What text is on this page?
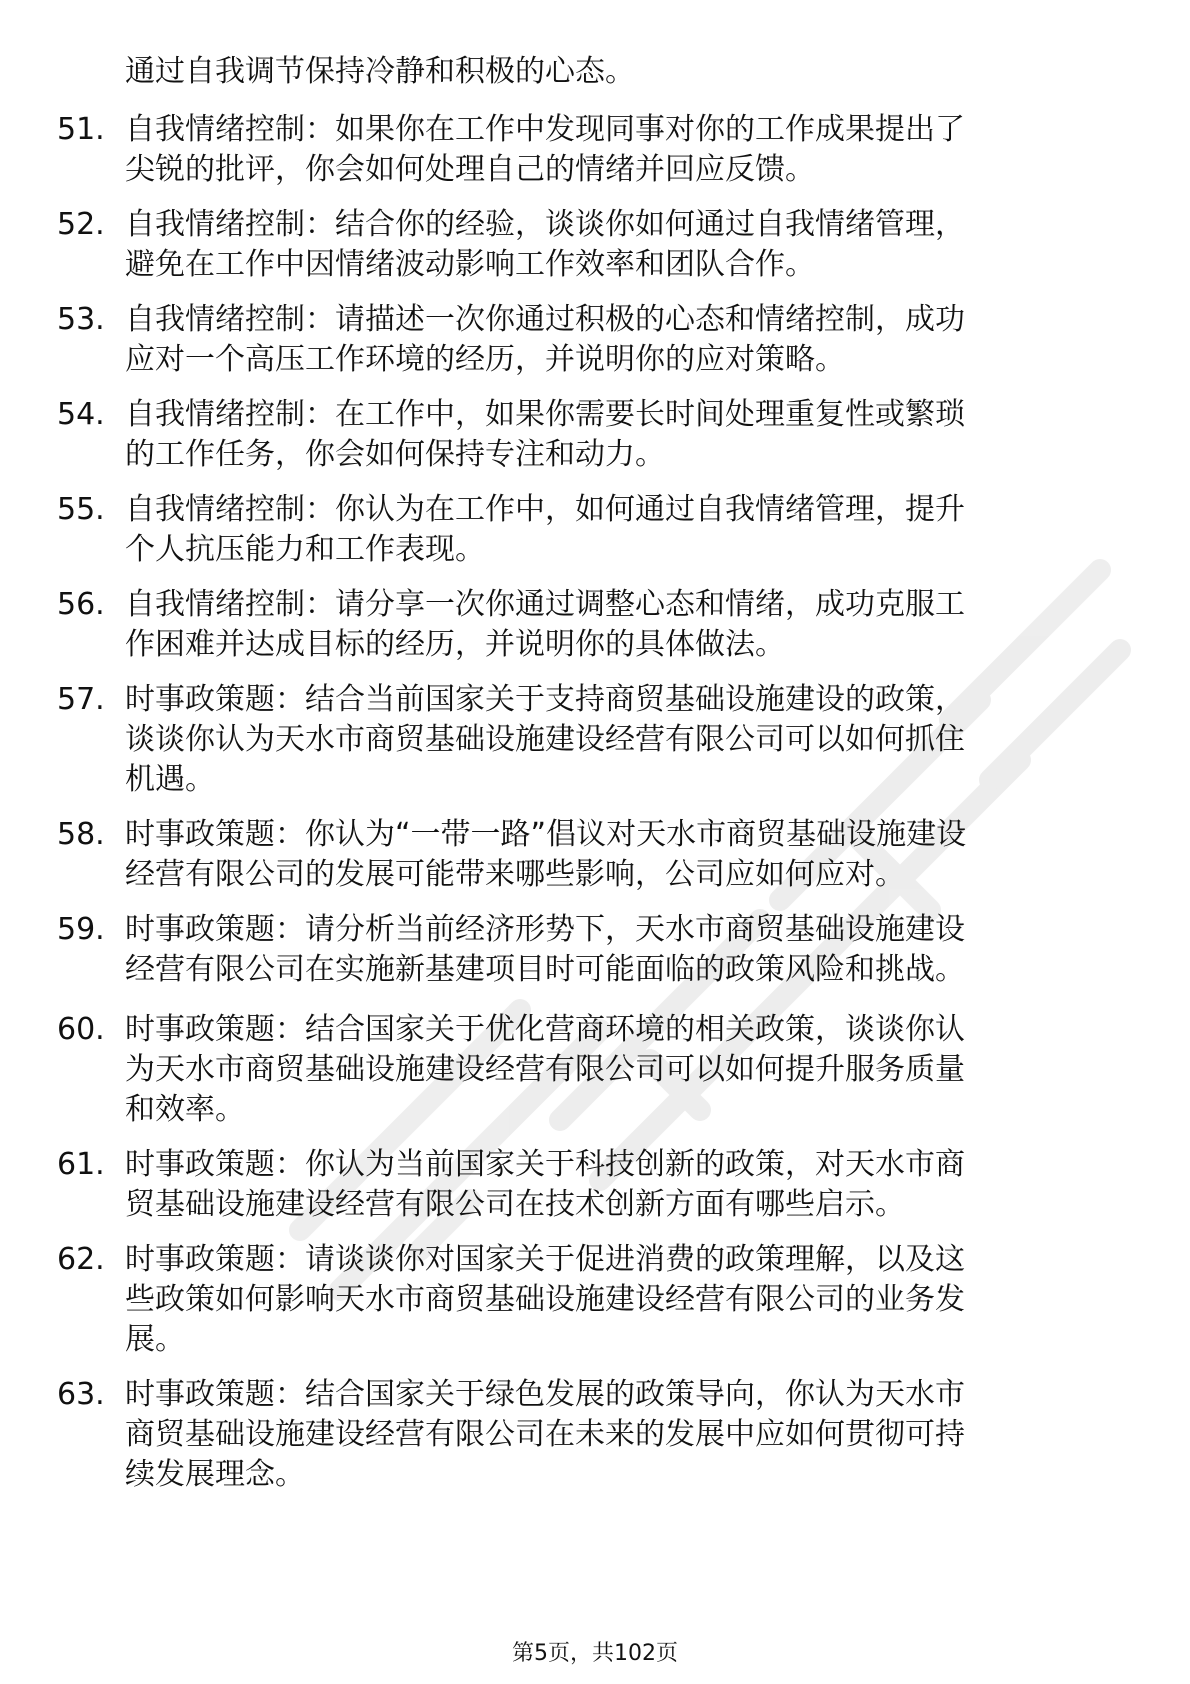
通过自我调节保持冷静和积极的心态。
51. 自我情绪控制：如果你在工作中发现同事对你的工作成果提出了
尖锐的批评，你会如何处理自己的情绪并回应反馈。
52. 自我情绪控制：结合你的经验，谈谈你如何通过自我情绪管理，
避免在工作中因情绪波动影响工作效率和团队合作。
53. 自我情绪控制：请描述一次你通过积极的心态和情绪控制，成功
应对一个高压工作环境的经历，并说明你的应对策略。
54. 自我情绪控制：在工作中，如果你需要长时间处理重复性或繁琐
的工作任务，你会如何保持专注和动力。
55. 自我情绪控制：你认为在工作中，如何通过自我情绪管理，提升
个人抗压能力和工作表现。
56. 自我情绪控制：请分享一次你通过调整心态和情绪，成功克服工
作困难并达成目标的经历，并说明你的具体做法。
57. 时事政策题：结合当前国家关于支持商贸基础设施建设的政策，
谈谈你认为天水市商贸基础设施建设经营有限公司可以如何抓住
机遇。
58. 时事政策题：你认为“一带一路”倡议对天水市商贸基础设施建设
经营有限公司的发展可能带来哪些影响，公司应如何应对。
59. 时事政策题：请分析当前经济形势下，天水市商贸基础设施建设
经营有限公司在实施新基建项目时可能面临的政策风险和挑战。
60. 时事政策题：结合国家关于优化营商环境的相关政策，谈谈你认
为天水市商贸基础设施建设经营有限公司可以如何提升服务质量
和效率。
61. 时事政策题：你认为当前国家关于科技创新的政策，对天水市商
贸基础设施建设经营有限公司在技术创新方面有哪些启示。
62. 时事政策题：请谈谈你对国家关于促进消费的政策理解，以及这
些政策如何影响天水市商贸基础设施建设经营有限公司的业务发
展。
63. 时事政策题：结合国家关于绿色发展的政策导向，你认为天水市
商贸基础设施建设经营有限公司在未来的发展中应如何贯彻可持
续发展理念。
第5页，共102页
